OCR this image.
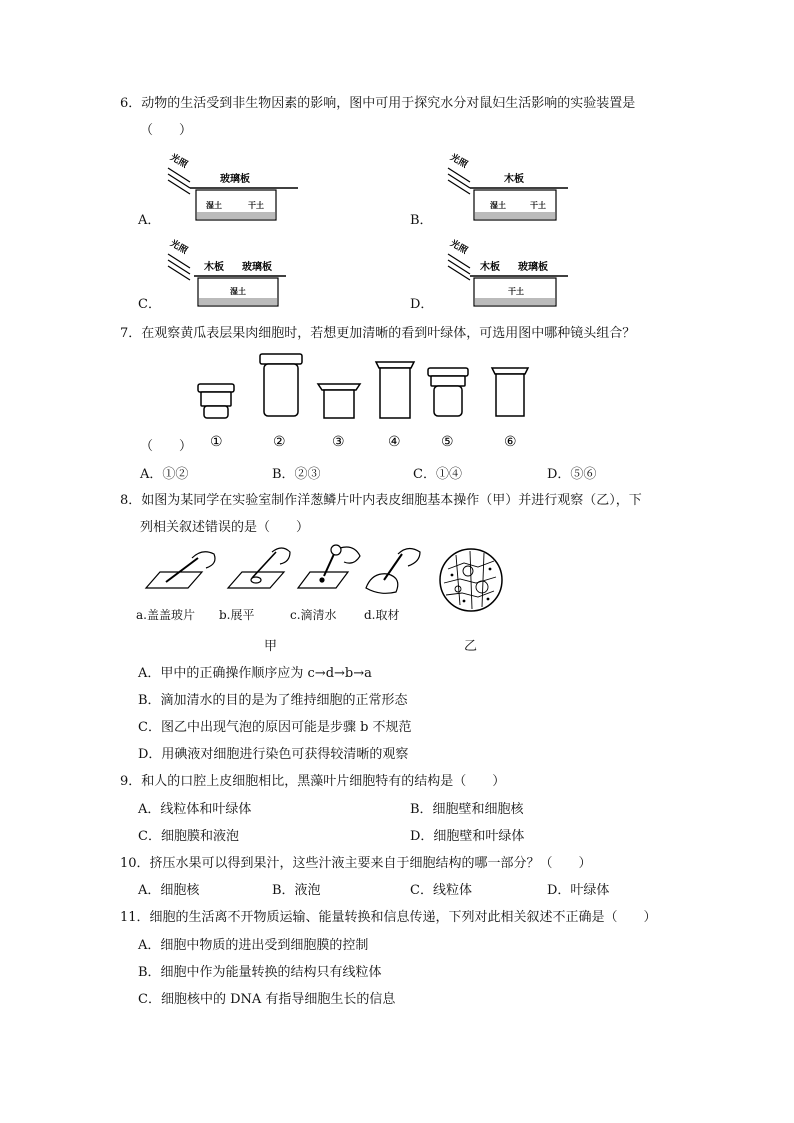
6．动物的生活受到非生物因素的影响，图中可用于探究水分对鼠妇生活影响的实验装置是
（　　）
A．
光照
玻璃板
湿土	干土
B．
光照
木板
湿土	干土
C．
光照
木板 玻璃板
湿土
D．
光照
木板 玻璃板
干土
7．在观察黄瓜表层果肉细胞时，若想更加清晰的看到叶绿体，可选用图中哪种镜头组合？
①	②	③	④	⑤	⑥
（　　）
A．①②	B．②③	C．①④	D．⑤⑥
8．如图为某同学在实验室制作洋葱鳞片叶内表皮细胞基本操作（甲）并进行观察（乙），下
列相关叙述错误的是（　　）
a.盖盖玻片 b.展平	c.滴清水 d.取材
甲	乙
A．甲中的正确操作顺序应为 c→d→b→a
B．滴加清水的目的是为了维持细胞的正常形态
C．图乙中出现气泡的原因可能是步骤 b 不规范
D．用碘液对细胞进行染色可获得较清晰的观察
9．和人的口腔上皮细胞相比，黑藻叶片细胞特有的结构是（　　）
A．线粒体和叶绿体	B．细胞壁和细胞核
C．细胞膜和液泡	D．细胞壁和叶绿体
10．挤压水果可以得到果汁，这些汁液主要来自于细胞结构的哪一部分？（　　）
A．细胞核	B．液泡	C．线粒体	D．叶绿体
11．细胞的生活离不开物质运输、能量转换和信息传递，下列对此相关叙述不正确是（　　）
A．细胞中物质的进出受到细胞膜的控制
B．细胞中作为能量转换的结构只有线粒体
C．细胞核中的 DNA 有指导细胞生长的信息
